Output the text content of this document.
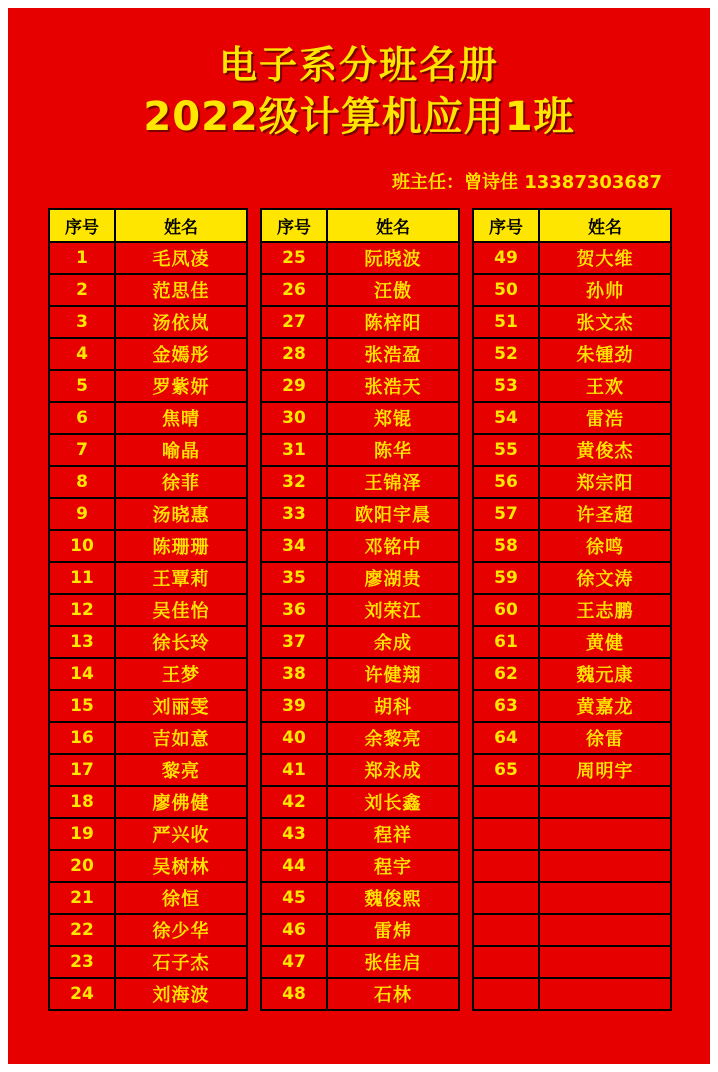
电子系分班名册
2022级计算机应用1班
班主任：曾诗佳 13387303687
序号	姓名
1	毛凤凌
2	范思佳
3	汤依岚
4	金嫣彤
5	罗紫妍
6	焦晴
7	喻晶
8	徐菲
9	汤晓惠
10	陈珊珊
11	王覃莉
12	吴佳怡
13	徐长玲
14	王梦
15	刘丽雯
16	吉如意
17	黎亮
18	廖佛健
19	严兴收
20	吴树林
21	徐恒
22	徐少华
23	石子杰
24	刘海波
序号	姓名
25	阮晓波
26	汪傲
27	陈梓阳
28	张浩盈
29	张浩天
30	郑锟
31	陈华
32	王锦泽
33	欧阳宇晨
34	邓铭中
35	廖湖贵
36	刘荣江
37	余成
38	许健翔
39	胡科
40	余黎亮
41	郑永成
42	刘长鑫
43	程祥
44	程宇
45	魏俊熙
46	雷炜
47	张佳启
48	石林
序号	姓名
49	贺大维
50	孙帅
51	张文杰
52	朱锺劲
53	王欢
54	雷浩
55	黄俊杰
56	郑宗阳
57	许圣超
58	徐鸣
59	徐文涛
60	王志鹏
61	黄健
62	魏元康
63	黄嘉龙
64	徐雷
65	周明宇
